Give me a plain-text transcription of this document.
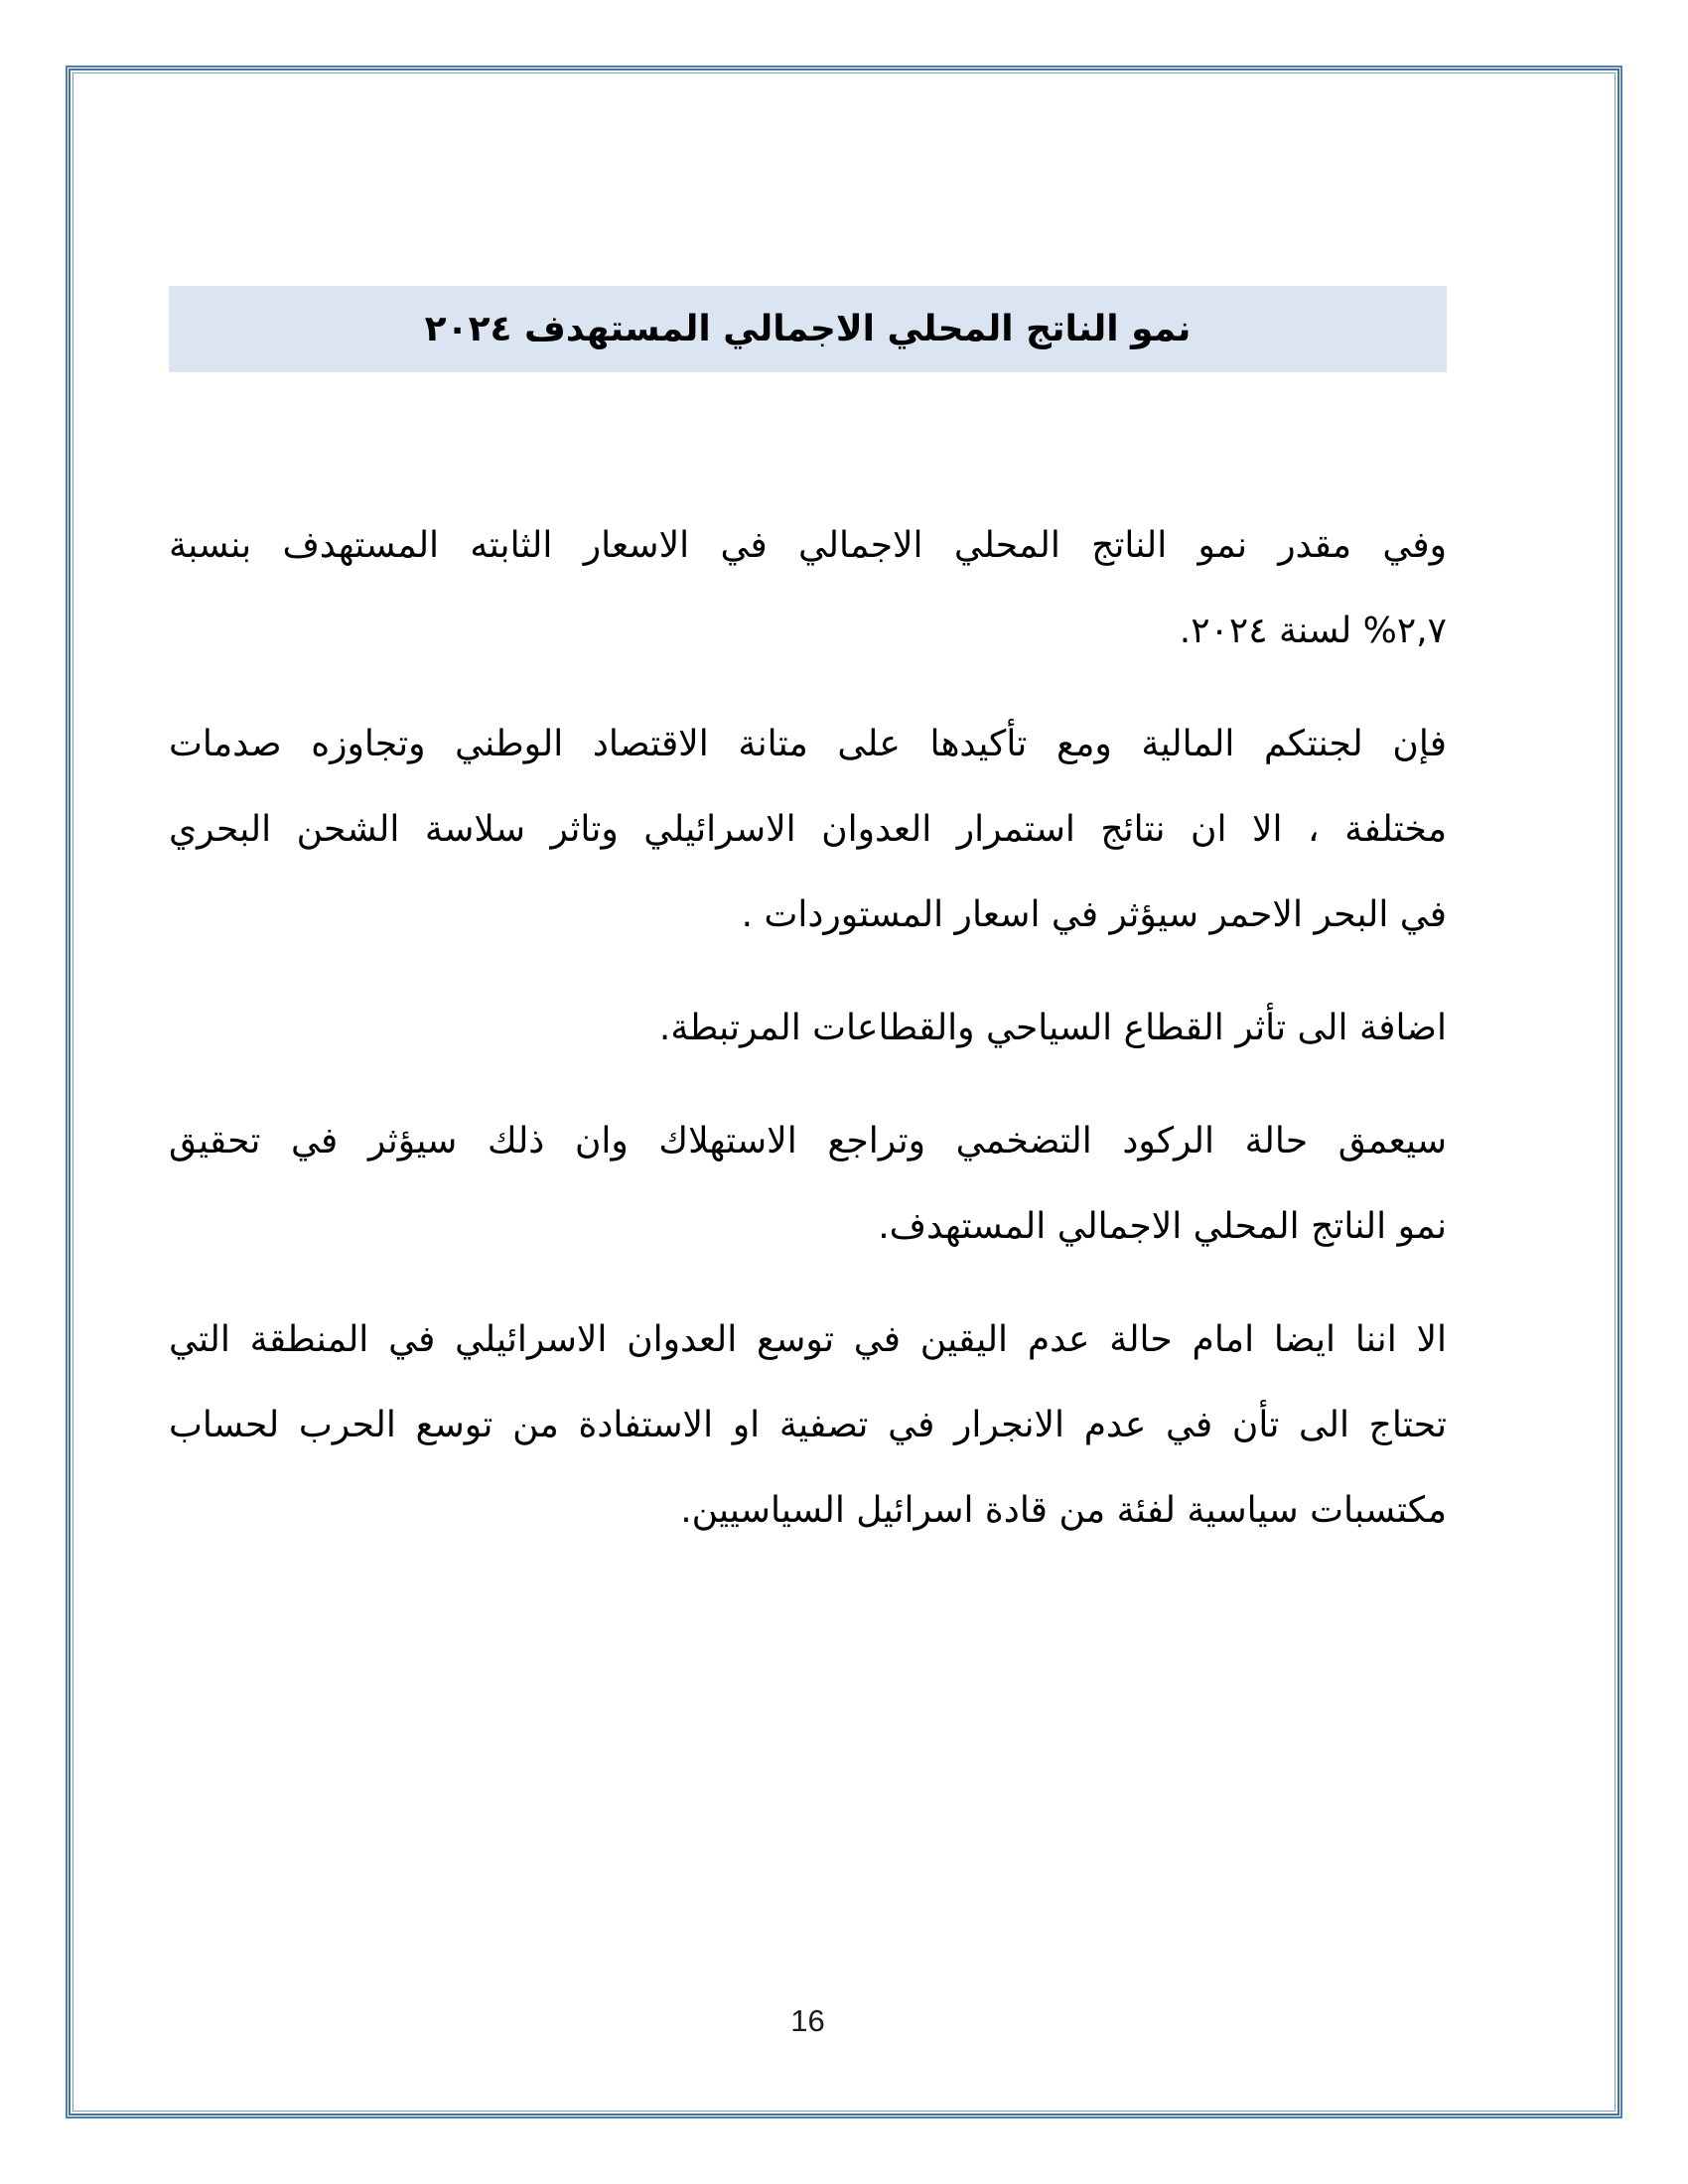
نمو الناتج المحلي الاجمالي المستهدف ٢٠٢٤
وفي مقدر نمو الناتج المحلي الاجمالي في الاسعار الثابته المستهدف بنسبة
٢,٧% لسنة ٢٠٢٤.
فإن لجنتكم المالية ومع تأكيدها على متانة الاقتصاد الوطني وتجاوزه صدمات
مختلفة ، الا ان نتائج استمرار العدوان الاسرائيلي وتاثر سلاسة الشحن البحري
في البحر الاحمر سيؤثر في اسعار المستوردات .
اضافة الى تأثر القطاع السياحي والقطاعات المرتبطة.
سيعمق حالة الركود التضخمي وتراجع الاستهلاك وان ذلك سيؤثر في تحقيق
نمو الناتج المحلي الاجمالي المستهدف.
الا اننا ايضا امام حالة عدم اليقين في توسع العدوان الاسرائيلي في المنطقة التي
تحتاج الى تأن في عدم الانجرار في تصفية او الاستفادة من توسع الحرب لحساب
مكتسبات سياسية لفئة من قادة اسرائيل السياسيين.
16
